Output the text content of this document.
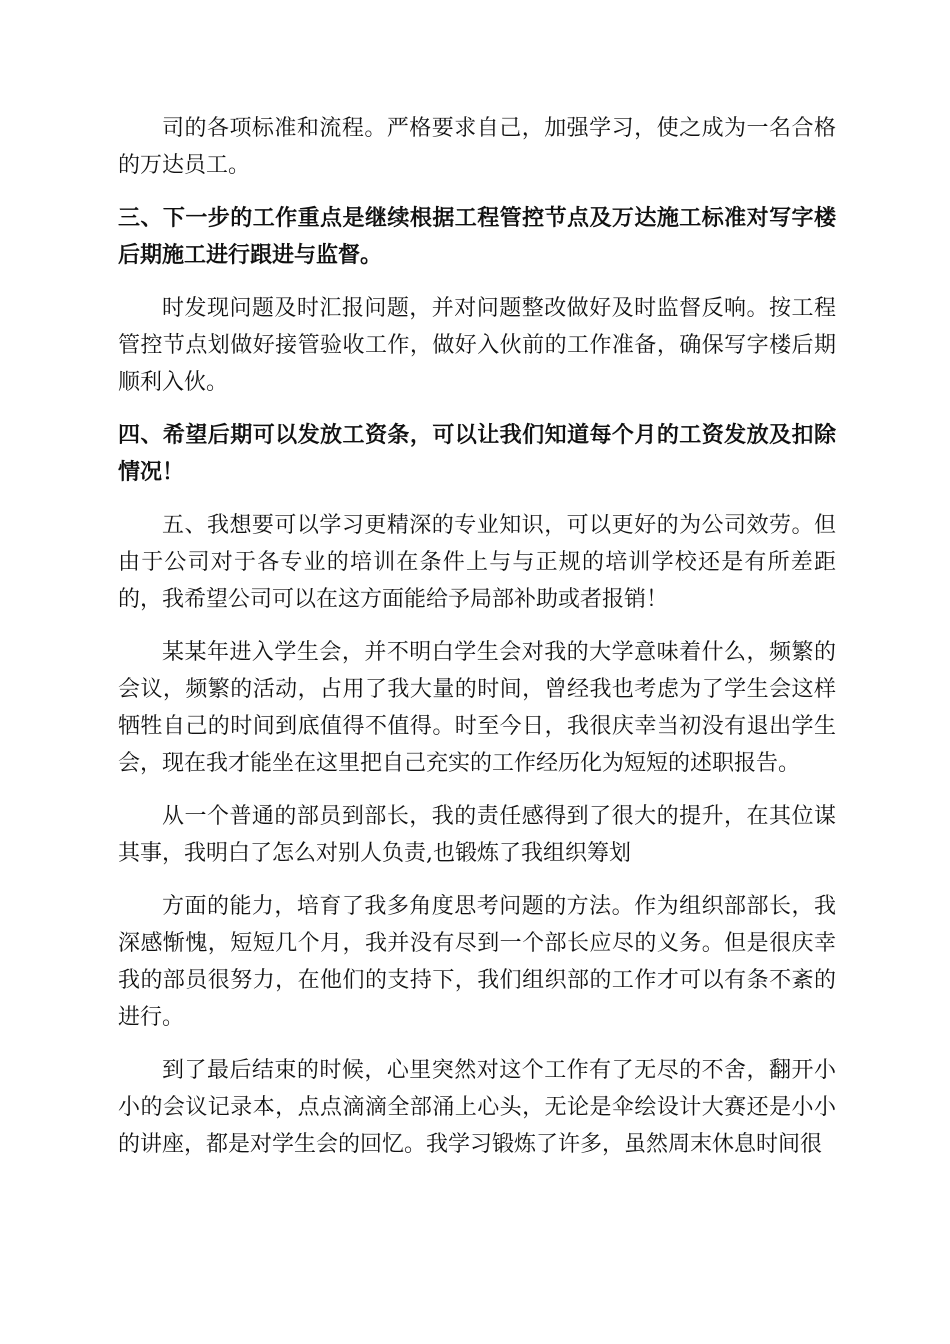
司的各项标准和流程。严格要求自己，加强学习，使之成为一名合格的万达员工。

三、下一步的工作重点是继续根据工程管控节点及万达施工标准对写字楼后期施工进行跟进与监督。

时发现问题及时汇报问题，并对问题整改做好及时监督反响。按工程管控节点划做好接管验收工作，做好入伙前的工作准备，确保写字楼后期顺利入伙。

四、希望后期可以发放工资条，可以让我们知道每个月的工资发放及扣除情况！

五、我想要可以学习更精深的专业知识，可以更好的为公司效劳。但由于公司对于各专业的培训在条件上与与正规的培训学校还是有所差距的，我希望公司可以在这方面能给予局部补助或者报销！

某某年进入学生会，并不明白学生会对我的大学意味着什么，频繁的会议，频繁的活动，占用了我大量的时间，曾经我也考虑为了学生会这样牺牲自己的时间到底值得不值得。时至今日，我很庆幸当初没有退出学生会，现在我才能坐在这里把自己充实的工作经历化为短短的述职报告。

从一个普通的部员到部长，我的责任感得到了很大的提升，在其位谋其事，我明白了怎么对别人负责,也锻炼了我组织筹划

方面的能力，培育了我多角度思考问题的方法。作为组织部部长，我深感惭愧，短短几个月，我并没有尽到一个部长应尽的义务。但是很庆幸我的部员很努力，在他们的支持下，我们组织部的工作才可以有条不紊的进行。

到了最后结束的时候，心里突然对这个工作有了无尽的不舍，翻开小小的会议记录本，点点滴滴全部涌上心头，无论是伞绘设计大赛还是小小的讲座，都是对学生会的回忆。我学习锻炼了许多，虽然周末休息时间很
